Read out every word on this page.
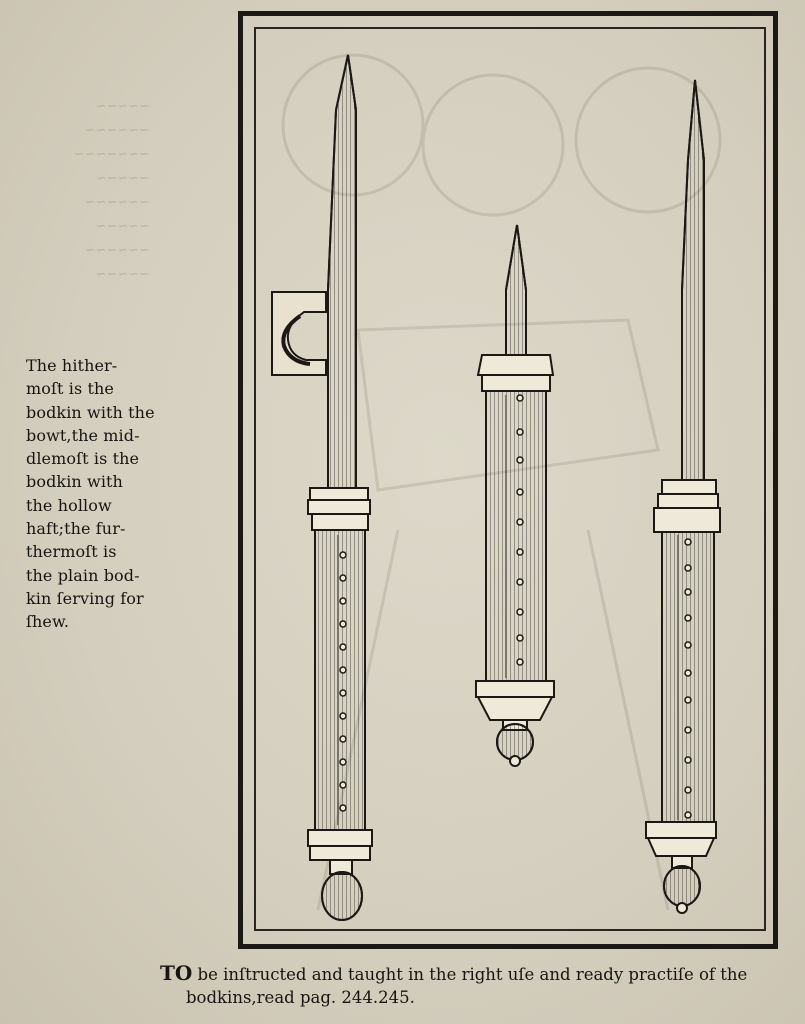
~~~~~
~~~~~~
~~~~~~~
~~~~~
~~~~~~
~~~~~
~~~~~~
~~~~~
The hither-
moſt is the
bodkin with the
bowt,the mid-
dlemoſt is the
bodkin with
the hollow
haft;the fur-
thermoſt is
the plain bod-
kin ſerving for
ſhew.
TO be inſtructed and taught in the right uſe and ready practiſe of the
bodkins,read pag. 244.245.
